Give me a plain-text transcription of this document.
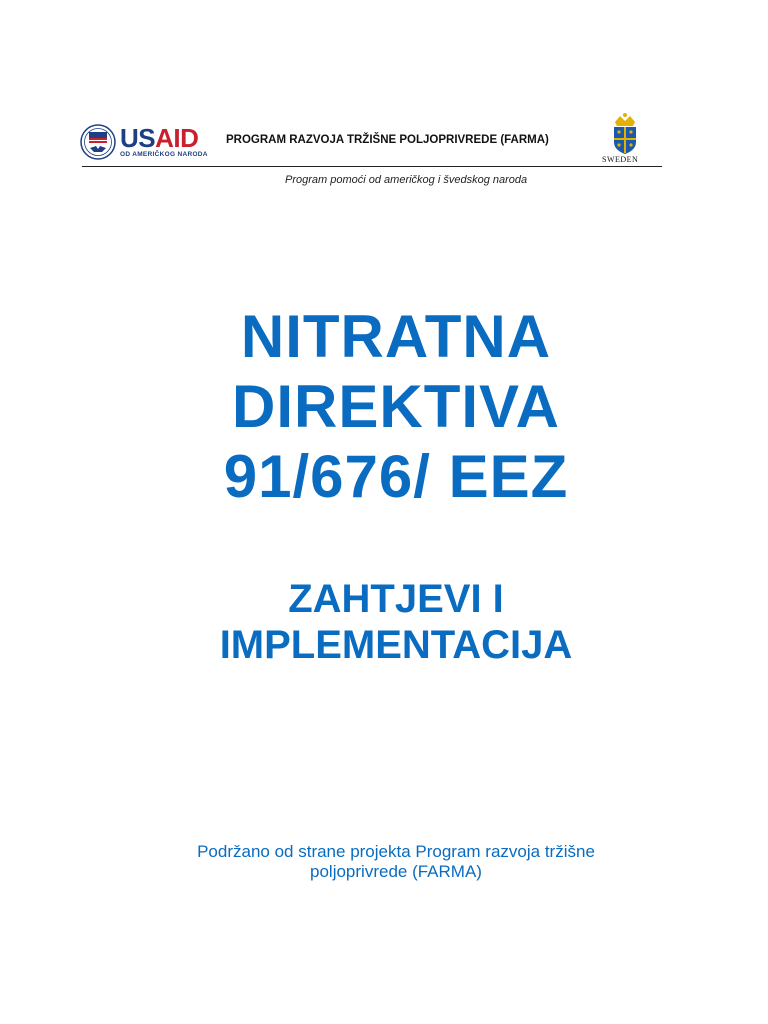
USAID
OD AMERIČKOG NARODA
PROGRAM RAZVOJA TRŽIŠNE POLJOPRIVREDE (FARMA)
SWEDEN
Program pomoći od američkog i švedskog naroda
NITRATNA
DIREKTIVA
91/676/ EEZ
ZAHTJEVI I
IMPLEMENTACIJA
Podržano od strane projekta Program razvoja tržišne
poljoprivrede (FARMA)
